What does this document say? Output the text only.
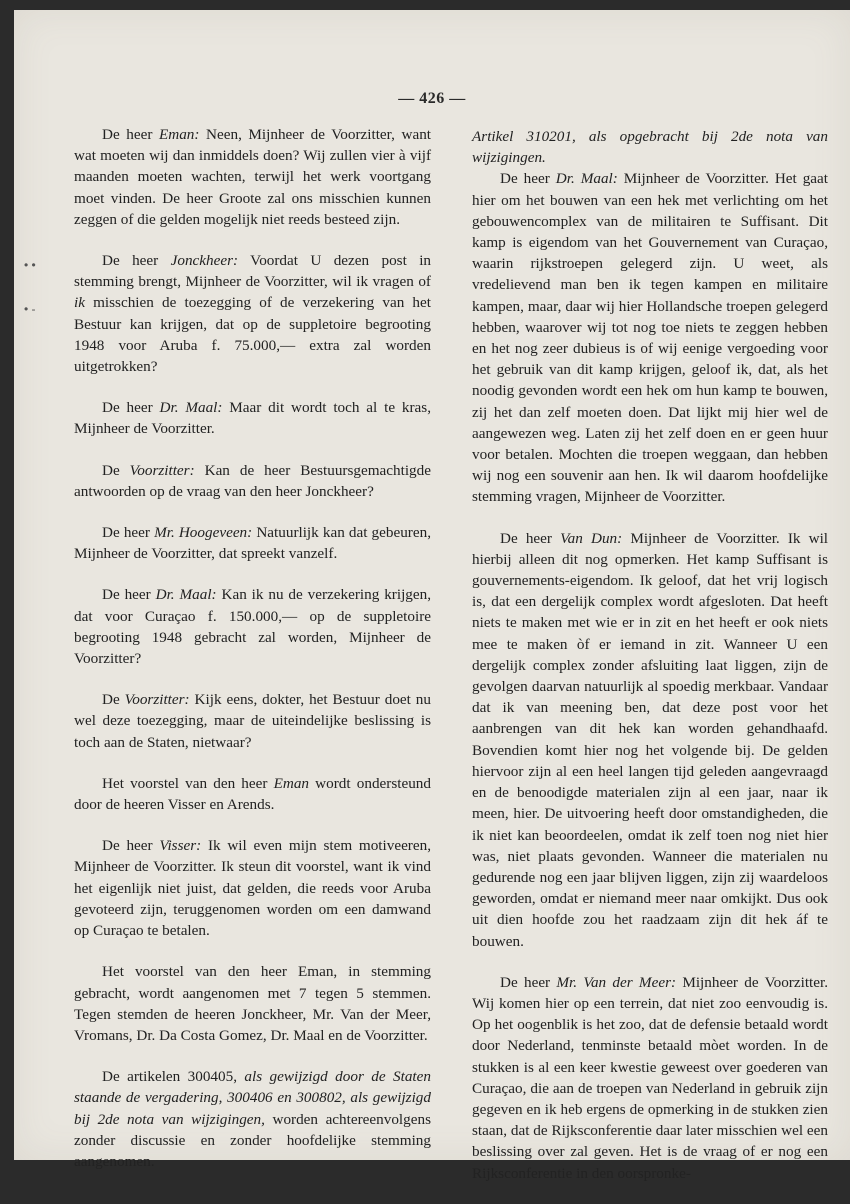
— 426 —
• •
• -

De heer Eman: Neen, Mijnheer de Voorzitter, want wat moeten wij dan inmiddels doen? Wij zullen vier à vijf maanden moeten wachten, terwijl het werk voortgang moet vinden. De heer Groote zal ons misschien kunnen zeggen of die gelden mogelijk niet reeds besteed zijn.

De heer Jonckheer: Voordat U dezen post in stemming brengt, Mijnheer de Voorzitter, wil ik vragen of ik misschien de toezegging of de verzekering van het Bestuur kan krijgen, dat op de suppletoire begrooting 1948 voor Aruba f. 75.000,— extra zal worden uitgetrokken?

De heer Dr. Maal: Maar dit wordt toch al te kras, Mijnheer de Voorzitter.

De Voorzitter: Kan de heer Bestuursgemachtigde antwoorden op de vraag van den heer Jonckheer?

De heer Mr. Hoogeveen: Natuurlijk kan dat gebeuren, Mijnheer de Voorzitter, dat spreekt vanzelf.

De heer Dr. Maal: Kan ik nu de verzekering krijgen, dat voor Curaçao f. 150.000,— op de suppletoire begrooting 1948 gebracht zal worden, Mijnheer de Voorzitter?

De Voorzitter: Kijk eens, dokter, het Bestuur doet nu wel deze toezegging, maar de uiteindelijke beslissing is toch aan de Staten, nietwaar?

Het voorstel van den heer Eman wordt ondersteund door de heeren Visser en Arends.

De heer Visser: Ik wil even mijn stem motiveeren, Mijnheer de Voorzitter. Ik steun dit voorstel, want ik vind het eigenlijk niet juist, dat gelden, die reeds voor Aruba gevoteerd zijn, teruggenomen worden om een damwand op Curaçao te betalen.

Het voorstel van den heer Eman, in stemming gebracht, wordt aangenomen met 7 tegen 5 stemmen. Tegen stemden de heeren Jonckheer, Mr. Van der Meer, Vromans, Dr. Da Costa Gomez, Dr. Maal en de Voorzitter.

De artikelen 300405, als gewijzigd door de Staten staande de vergadering, 300406 en 300802, als gewijzigd bij 2de nota van wijzigingen, worden achtereenvolgens zonder discussie en zonder hoofdelijke stemming aangenomen.

Artikel 310201, als opgebracht bij 2de nota van wijzigingen.

De heer Dr. Maal: Mijnheer de Voorzitter. Het gaat hier om het bouwen van een hek met verlichting om het gebouwencomplex van de militairen te Suffisant. Dit kamp is eigendom van het Gouvernement van Curaçao, waarin rijkstroepen gelegerd zijn. U weet, als vredelievend man ben ik tegen kampen en militaire kampen, maar, daar wij hier Hollandsche troepen gelegerd hebben, waarover wij tot nog toe niets te zeggen hebben en het nog zeer dubieus is of wij eenige vergoeding voor het gebruik van dit kamp krijgen, geloof ik, dat, als het noodig gevonden wordt een hek om hun kamp te bouwen, zij het dan zelf moeten doen. Dat lijkt mij hier wel de aangewezen weg. Laten zij het zelf doen en er geen huur voor betalen. Mochten die troepen weggaan, dan hebben wij nog een souvenir aan hen. Ik wil daarom hoofdelijke stemming vragen, Mijnheer de Voorzitter.

De heer Van Dun: Mijnheer de Voorzitter. Ik wil hierbij alleen dit nog opmerken. Het kamp Suffisant is gouvernements-eigendom. Ik geloof, dat het vrij logisch is, dat een dergelijk complex wordt afgesloten. Dat heeft niets te maken met wie er in zit en het heeft er ook niets mee te maken òf er iemand in zit. Wanneer U een dergelijk complex zonder afsluiting laat liggen, zijn de gevolgen daarvan natuurlijk al spoedig merkbaar. Vandaar dat ik van meening ben, dat deze post voor het aanbrengen van dit hek kan worden gehandhaafd. Bovendien komt hier nog het volgende bij. De gelden hiervoor zijn al een heel langen tijd geleden aangevraagd en de benoodigde materialen zijn al een jaar, naar ik meen, hier. De uitvoering heeft door omstandigheden, die ik niet kan beoordeelen, omdat ik zelf toen nog niet hier was, niet plaats gevonden. Wanneer die materialen nu gedurende nog een jaar blijven liggen, zijn zij waardeloos geworden, omdat er niemand meer naar omkijkt. Dus ook uit dien hoofde zou het raadzaam zijn dit hek áf te bouwen.

De heer Mr. Van der Meer: Mijnheer de Voorzitter. Wij komen hier op een terrein, dat niet zoo eenvoudig is. Op het oogenblik is het zoo, dat de defensie betaald wordt door Nederland, tenminste betaald mòet worden. In de stukken is al een keer kwestie geweest over goederen van Curaçao, die aan de troepen van Nederland in gebruik zijn gegeven en ik heb ergens de opmerking in de stukken zien staan, dat de Rijksconferentie daar later misschien wel een beslissing over zal geven. Het is de vraag of er nog een Rijksconferentie in den oorspronke-
